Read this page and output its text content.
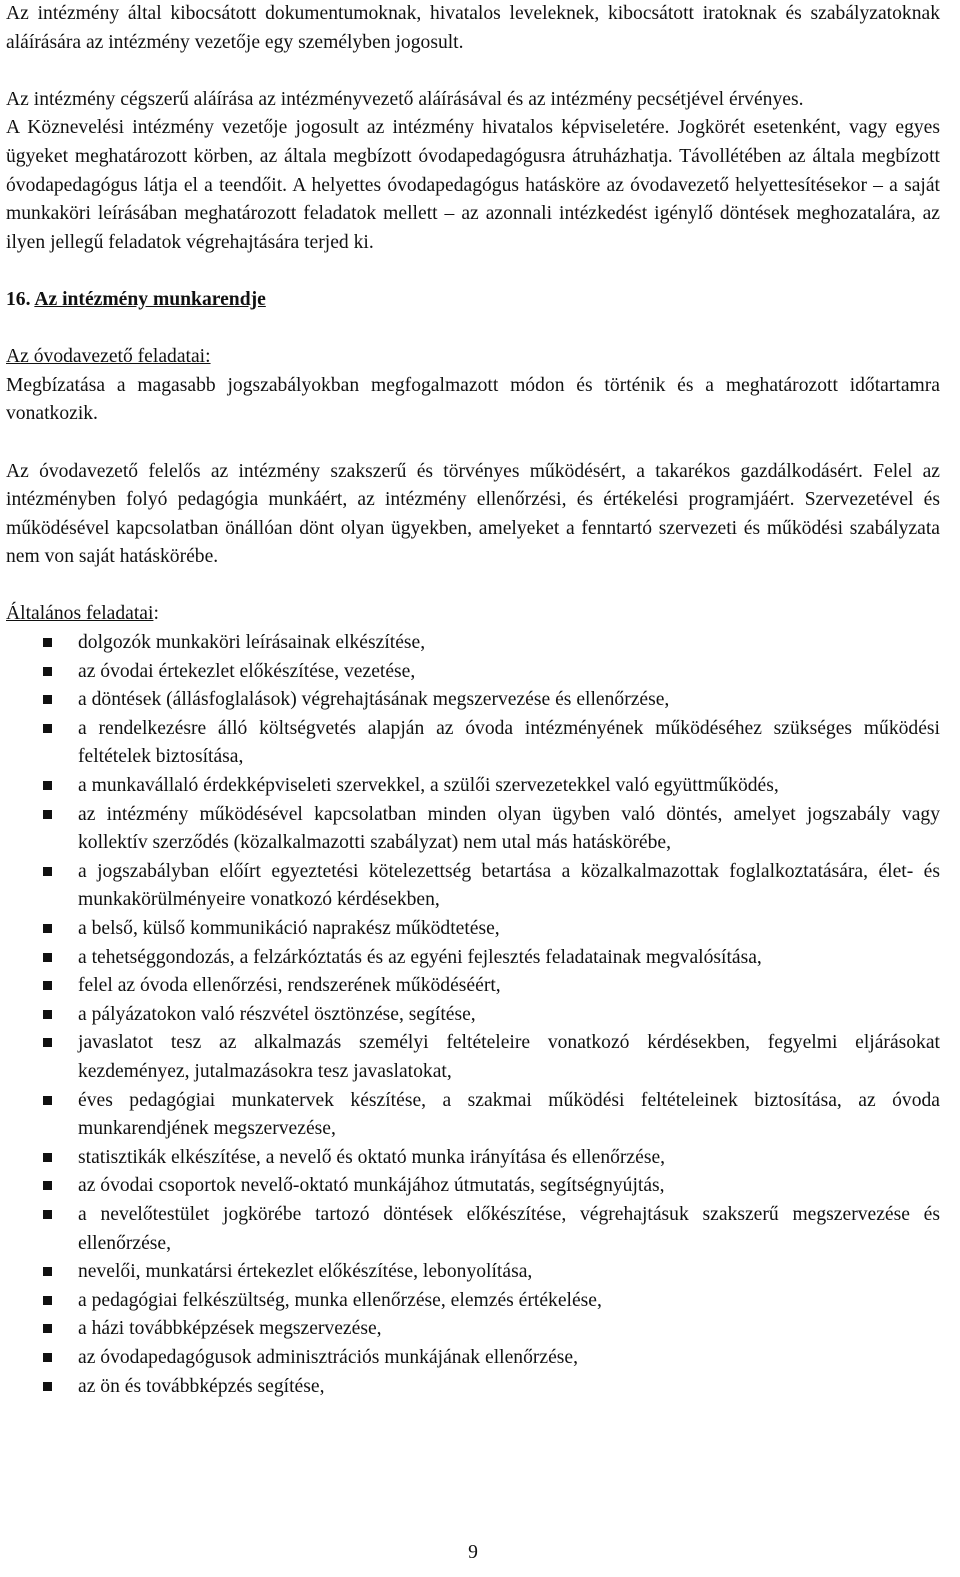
Az intézmény által kibocsátott dokumentumoknak, hivatalos leveleknek, kibocsátott iratoknak és szabályzatoknak aláírására az intézmény vezetője egy személyben jogosult.

Az intézmény cégszerű aláírása az intézményvezető aláírásával és az intézmény pecsétjével érvényes.

A Köznevelési intézmény vezetője jogosult az intézmény hivatalos képviseletére. Jogkörét esetenként, vagy egyes ügyeket meghatározott körben, az általa megbízott óvodapedagógusra átruházhatja. Távollétében az általa megbízott óvodapedagógus látja el a teendőit. A helyettes óvodapedagógus hatásköre az óvodavezető helyettesítésekor – a saját munkaköri leírásában meghatározott feladatok mellett – az azonnali intézkedést igénylő döntések meghozatalára, az ilyen jellegű feladatok végrehajtására terjed ki.

16. Az intézmény munkarendje

Az óvodavezető feladatai:

Megbízatása a magasabb jogszabályokban megfogalmazott módon és történik és a meghatározott időtartamra vonatkozik.

Az óvodavezető felelős az intézmény szakszerű és törvényes működésért, a takarékos gazdálkodásért. Felel az intézményben folyó pedagógia munkáért, az intézmény ellenőrzési, és értékelési programjáért. Szervezetével és működésével kapcsolatban önállóan dönt olyan ügyekben, amelyeket a fenntartó szervezeti és működési szabályzata nem von saját hatáskörébe.

Általános feladatai:

dolgozók munkaköri leírásainak elkészítése,
az óvodai értekezlet előkészítése, vezetése,
a döntések (állásfoglalások) végrehajtásának megszervezése és ellenőrzése,
a rendelkezésre álló költségvetés alapján az óvoda intézményének működéséhez szükséges működési feltételek biztosítása,
a munkavállaló érdekképviseleti szervekkel, a szülői szervezetekkel való együttműködés,
az intézmény működésével kapcsolatban minden olyan ügyben való döntés, amelyet jogszabály vagy kollektív szerződés (közalkalmazotti szabályzat) nem utal más hatáskörébe,
a jogszabályban előírt egyeztetési kötelezettség betartása a közalkalmazottak foglalkoztatására, élet- és munkakörülményeire vonatkozó kérdésekben,
a belső, külső kommunikáció naprakész működtetése,
a tehetséggondozás, a felzárkóztatás és az egyéni fejlesztés feladatainak megvalósítása,
felel az óvoda ellenőrzési, rendszerének működéséért,
a pályázatokon való részvétel ösztönzése, segítése,
javaslatot tesz az alkalmazás személyi feltételeire vonatkozó kérdésekben, fegyelmi eljárásokat kezdeményez, jutalmazásokra tesz javaslatokat,
éves pedagógiai munkatervek készítése, a szakmai működési feltételeinek biztosítása, az óvoda munkarendjének megszervezése,
statisztikák elkészítése, a nevelő és oktató munka irányítása és ellenőrzése,
az óvodai csoportok nevelő-oktató munkájához útmutatás, segítségnyújtás,
a nevelőtestület jogkörébe tartozó döntések előkészítése, végrehajtásuk szakszerű megszervezése és ellenőrzése,
nevelői, munkatársi értekezlet előkészítése, lebonyolítása,
a pedagógiai felkészültség, munka ellenőrzése, elemzés értékelése,
a házi továbbképzések megszervezése,
az óvodapedagógusok adminisztrációs munkájának ellenőrzése,
az ön és továbbképzés segítése,
9
